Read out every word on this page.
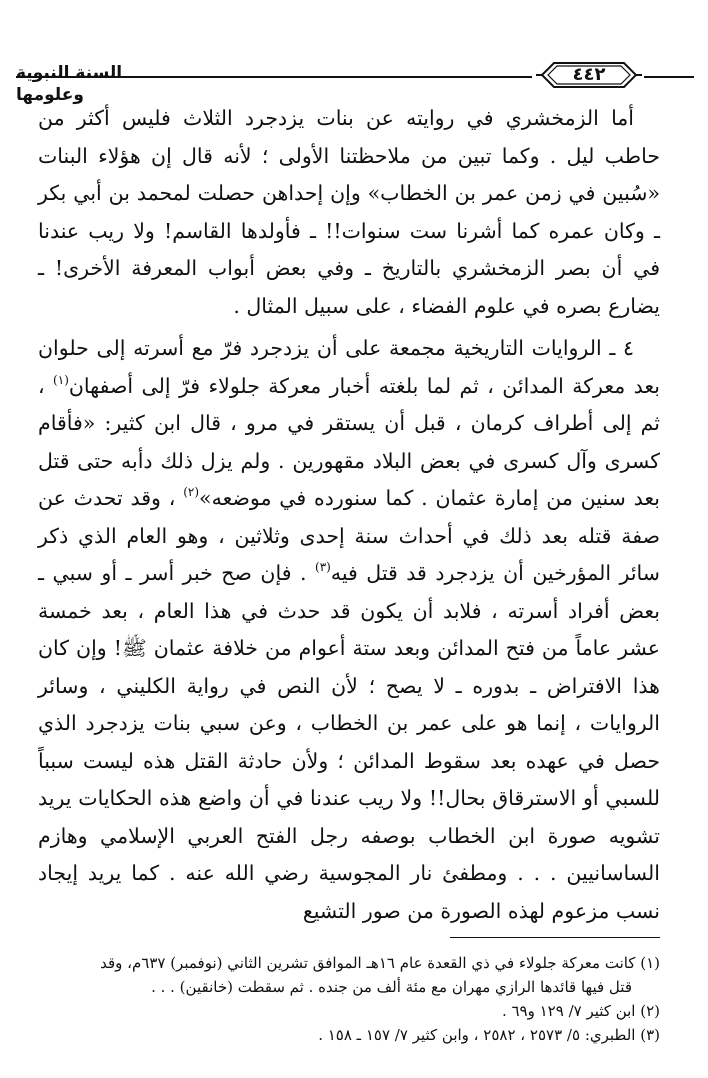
السنة النبوية وعلومها
٤٤٢

أما الزمخشري في روايته عن بنات يزدجرد الثلاث فليس أكثر من حاطب ليل . وكما تبين من ملاحظتنا الأولى ؛ لأنه قال إن هؤلاء البنات «سُبين في زمن عمر بن الخطاب» وإن إحداهن حصلت لمحمد بن أبي بكر ـ وكان عمره كما أشرنا ست سنوات!! ـ فأولدها القاسم! ولا ريب عندنا في أن بصر الزمخشري بالتاريخ ـ وفي بعض أبواب المعرفة الأخرى! ـ يضارع بصره في علوم الفضاء ، على سبيل المثال .

٤ ـ الروايات التاريخية مجمعة على أن يزدجرد فرّ مع أسرته إلى حلوان بعد معركة المدائن ، ثم لما بلغته أخبار معركة جلولاء فرّ إلى أصفهان$^{(١)}$ ، ثم إلى أطراف كرمان ، قبل أن يستقر في مرو ، قال ابن كثير: «فأقام كسرى وآل كسرى في بعض البلاد مقهورين . ولم يزل ذلك دأبه حتى قتل بعد سنين من إمارة عثمان . كما سنورده في موضعه»$^{(٢)}$ ، وقد تحدث عن صفة قتله بعد ذلك في أحداث سنة إحدى وثلاثين ، وهو العام الذي ذكر سائر المؤرخين أن يزدجرد قد قتل فيه$^{(٣)}$ . فإن صح خبر أسر ـ أو سبي ـ بعض أفراد أسرته ، فلابد أن يكون قد حدث في هذا العام ، بعد خمسة عشر عاماً من فتح المدائن وبعد ستة أعوام من خلافة عثمان ﷺ! وإن كان هذا الافتراض ـ بدوره ـ لا يصح ؛ لأن النص في رواية الكليني ، وسائر الروايات ، إنما هو على عمر بن الخطاب ، وعن سبي بنات يزدجرد الذي حصل في عهده بعد سقوط المدائن ؛ ولأن حادثة القتل هذه ليست سبباً للسبي أو الاسترقاق بحال!! ولا ريب عندنا في أن واضع هذه الحكايات يريد تشويه صورة ابن الخطاب بوصفه رجل الفتح العربي الإسلامي وهازم الساسانيين . . . ومطفئ نار المجوسية رضي الله عنه . كما يريد إيجاد نسب مزعوم لهذه الصورة من صور التشيع

(١) كانت معركة جلولاء في ذي القعدة عام ١٦هـ الموافق تشرين الثاني (نوفمبر) ٦٣٧م، وقد
قتل فيها قائدها الرازي مهران مع مئة ألف من جنده . ثم سقطت (خانقين) . . .
(٢) ابن كثير ٧/ ١٢٩ و٦٩ .
(٣) الطبري: ٥/ ٢٥٧٣ ، ٢٥٨٢ ، وابن كثير ٧/ ١٥٧ ـ ١٥٨ .
